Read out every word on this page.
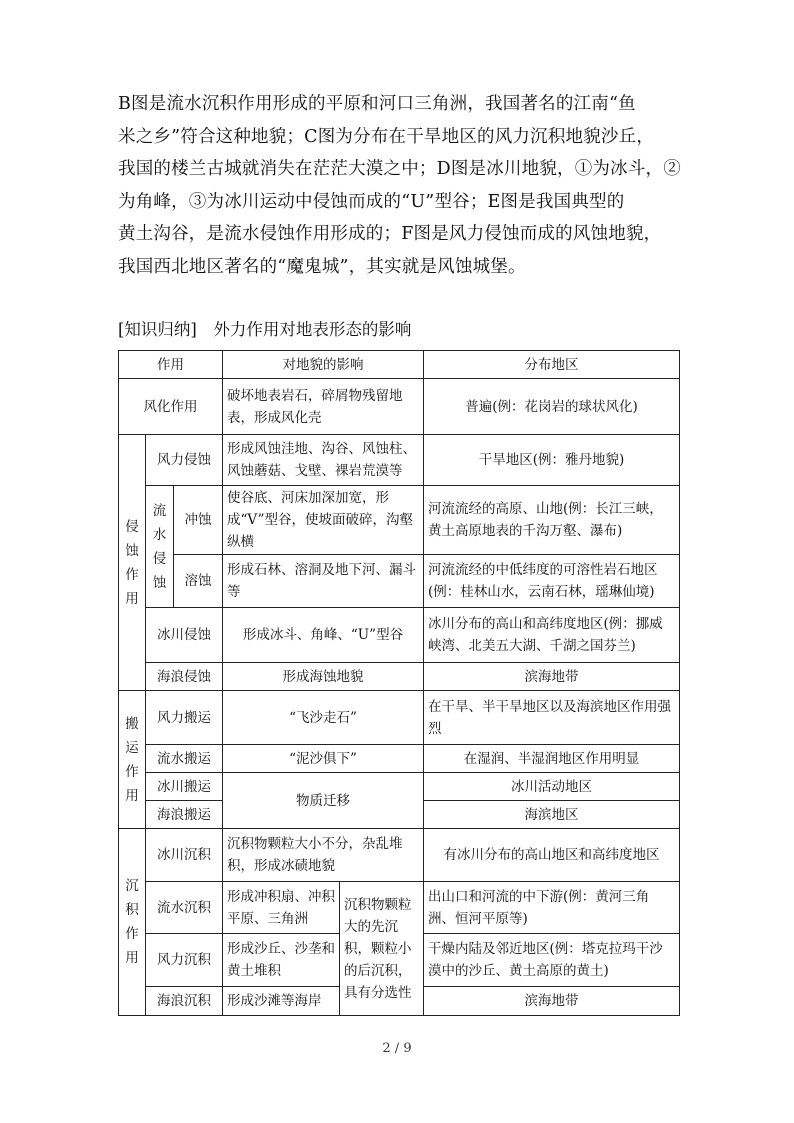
B图是流水沉积作用形成的平原和河口三角洲，我国著名的江南“鱼

米之乡”符合这种地貌；C图为分布在干旱地区的风力沉积地貌沙丘，

我国的楼兰古城就消失在茫茫大漠之中；D图是冰川地貌，①为冰斗，②

为角峰，③为冰川运动中侵蚀而成的“U”型谷；E图是我国典型的

黄土沟谷，是流水侵蚀作用形成的；F图是风力侵蚀而成的风蚀地貌，

我国西北地区著名的“魔鬼城”，其实就是风蚀城堡。

[知识归纳]　外力作用对地表形态的影响
作用			对地貌的影响		分布地区
风化作用			破坏地表岩石，碎屑物残留地表，形成风化壳		普遍(例：花岗岩的球状风化)
侵蚀作用	风力侵蚀		形成风蚀洼地、沟谷、风蚀柱、风蚀蘑菇、戈壁、裸岩荒漠等		干旱地区(例：雅丹地貌)
	流水侵蚀	冲蚀	使谷底、河床加深加宽，形成“V”型谷，使坡面破碎，沟壑纵横		河流流经的高原、山地(例：长江三峡，黄土高原地表的千沟万壑、瀑布)
		溶蚀	形成石林、溶洞及地下河、漏斗等		河流流经的中低纬度的可溶性岩石地区(例：桂林山水，云南石林，瑶琳仙境)
	冰川侵蚀		形成冰斗、角峰、“U”型谷		冰川分布的高山和高纬度地区(例：挪威峡湾、北美五大湖、千湖之国芬兰)
	海浪侵蚀		形成海蚀地貌		滨海地带
搬运作用	风力搬运		“飞沙走石”		在干旱、半干旱地区以及海滨地区作用强烈
	流水搬运		“泥沙俱下”		在湿润、半湿润地区作用明显
	冰川搬运		物质迁移		冰川活动地区
	海浪搬运				海滨地区
沉积作用	冰川沉积		沉积物颗粒大小不分，杂乱堆积，形成冰碛地貌		有冰川分布的高山地区和高纬度地区
	流水沉积		形成冲积扇、冲积平原、三角洲	沉积物颗粒大的先沉积，颗粒小的后沉积，具有分选性	出山口和河流的中下游(例：黄河三角洲、恒河平原等)
	风力沉积		形成沙丘、沙垄和黄土堆积		干燥内陆及邻近地区(例：塔克拉玛干沙漠中的沙丘、黄土高原的黄土)
	海浪沉积		形成沙滩等海岸		滨海地带
2 / 9
